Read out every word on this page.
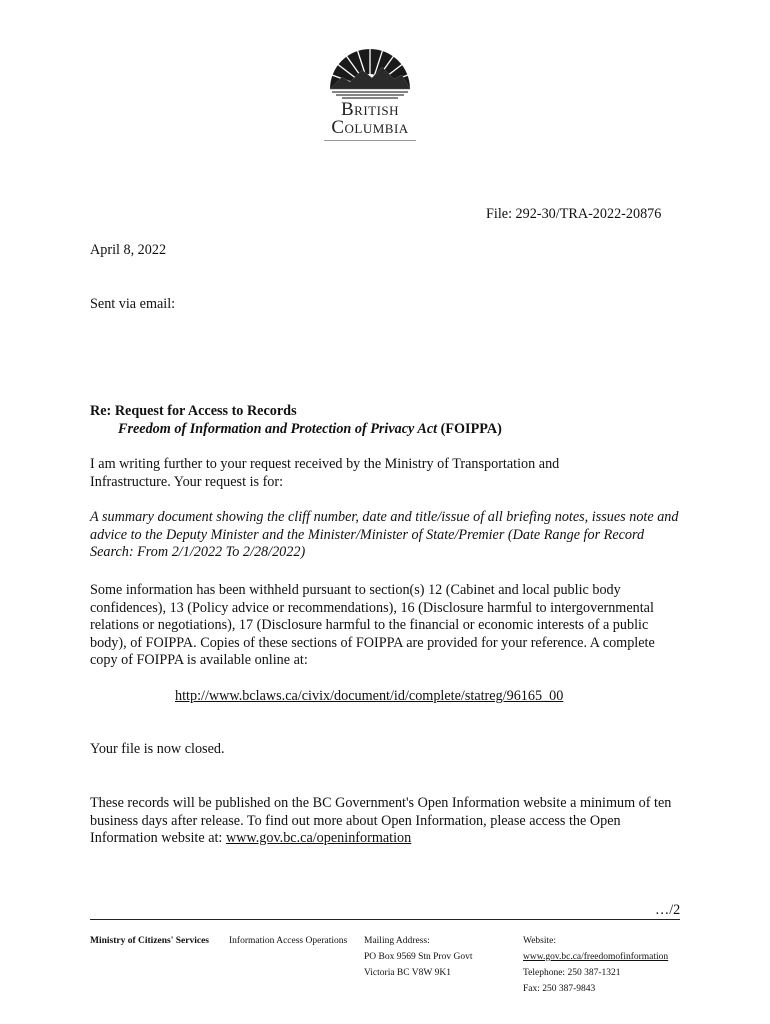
British
Columbia
File: 292-30/TRA-2022-20876
April 8, 2022
Sent via email:
Re: Request for Access to Records
Freedom of Information and Protection of Privacy Act (FOIPPA)
I am writing further to your request received by the Ministry of Transportation and Infrastructure. Your request is for:
A summary document showing the cliff number, date and title/issue of all briefing notes, issues note and advice to the Deputy Minister and the Minister/Minister of State/Premier (Date Range for Record Search: From 2/1/2022 To 2/28/2022)
Some information has been withheld pursuant to section(s) 12 (Cabinet and local public body confidences), 13 (Policy advice or recommendations), 16 (Disclosure harmful to intergovernmental relations or negotiations), 17 (Disclosure harmful to the financial or economic interests of a public body), of FOIPPA. Copies of these sections of FOIPPA are provided for your reference. A complete copy of FOIPPA is available online at:
http://www.bclaws.ca/civix/document/id/complete/statreg/96165_00
Your file is now closed.
These records will be published on the BC Government's Open Information website a minimum of ten business days after release. To find out more about Open Information, please access the Open Information website at: www.gov.bc.ca/openinformation
…/2
Ministry of Citizens' Services Information Access Operations Mailing Address:
PO Box 9569 Stn Prov Govt
Victoria BC V8W 9K1
Website:
www.gov.bc.ca/freedomofinformation
Telephone: 250 387-1321
Fax: 250 387-9843
